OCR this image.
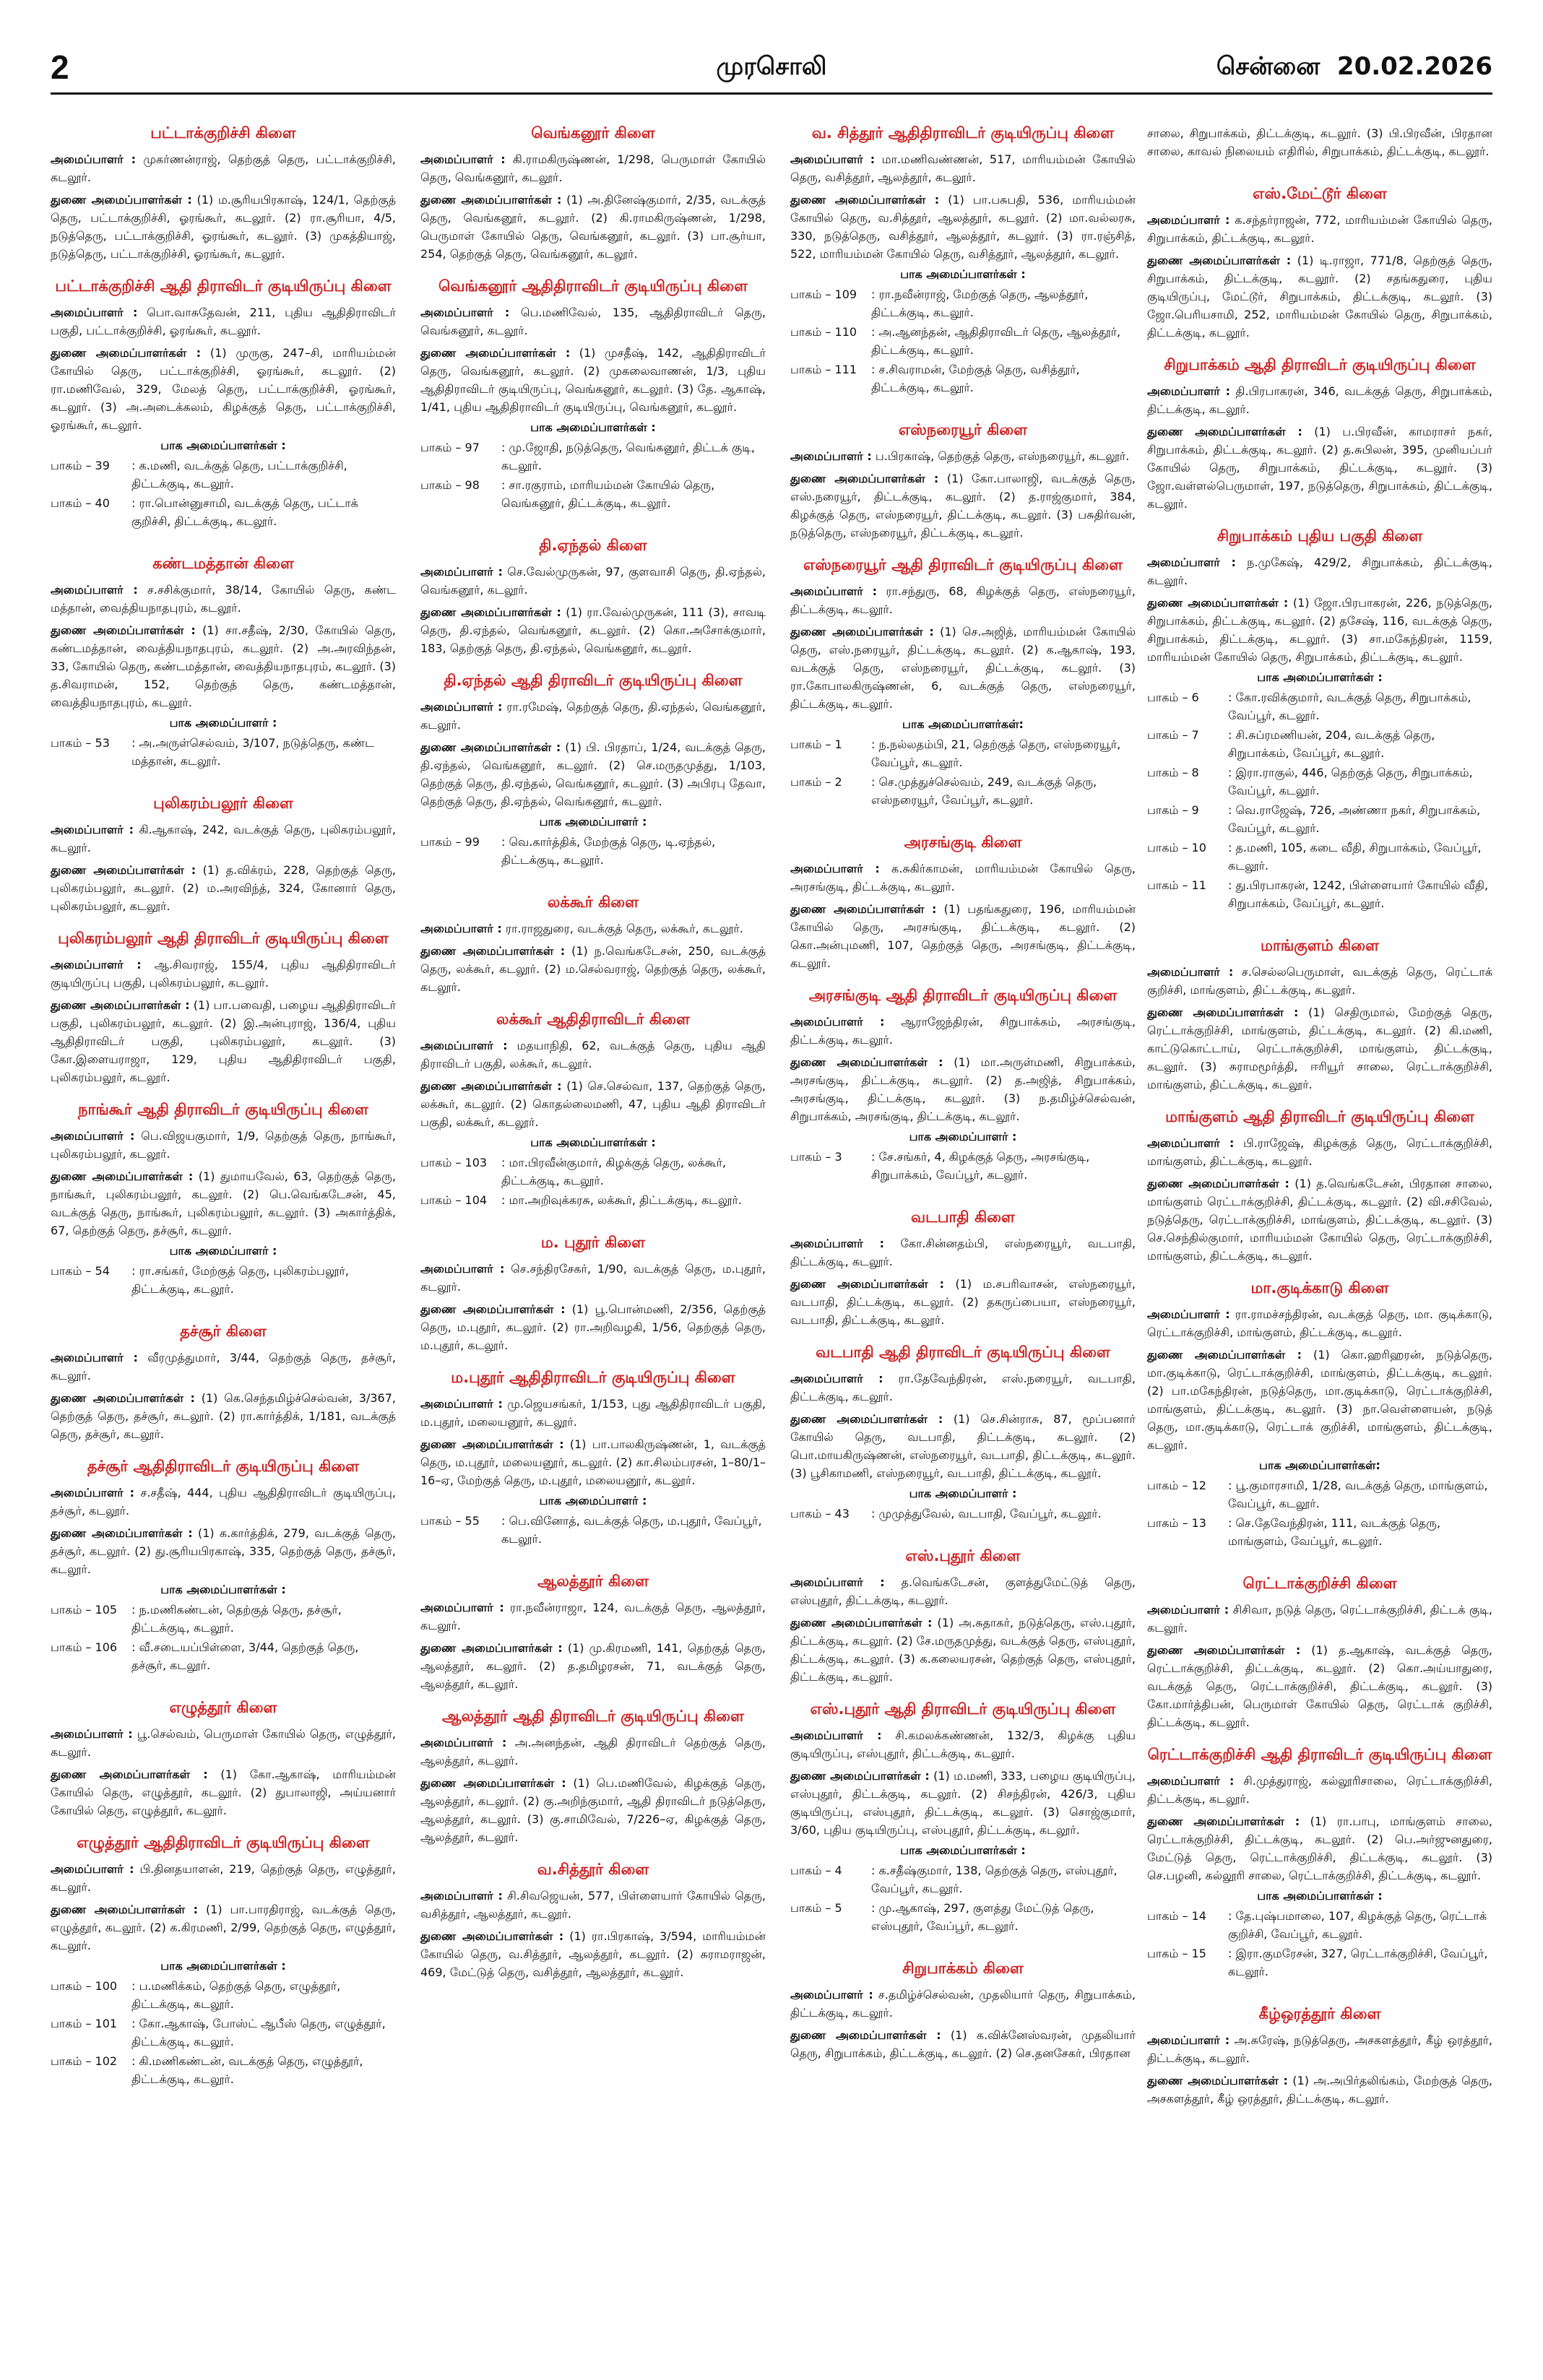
2	முரசொலி	சென்னை 20.02.2026
பட்டாக்குறிச்சி கிளை
அமைப்பாளர் : முகர்ணன்ராஜ், தெற்குத் தெரு, பட்டாக்குறிச்சி, கடலூர்.
துணை அமைப்பாளர்கள் : (1) ம.சூரியபிரகாஷ், 124/1, தெற்குத் தெரு, பட்டாக்குறிச்சி, ஓரங்கூர், கடலூர். (2) ரா.சூரியா, 4/5, நடுத்தெரு, பட்டாக்குறிச்சி, ஓரங்கூர், கடலூர். (3) முகத்தியாஜ், நடுத்தெரு, பட்டாக்குறிச்சி, ஓரங்கூர், கடலூர்.
பட்டாக்குறிச்சி ஆதி திராவிடர் குடியிருப்பு கிளை
அமைப்பாளர் : பொ.வாசுதேவன், 211, புதிய ஆதிதிராவிடர் பகுதி, பட்டாக்குறிச்சி, ஓரங்கூர், கடலூர்.
துணை அமைப்பாளர்கள் : (1) முருகு, 247–சி, மாரியம்மன் கோயில் தெரு, பட்டாக்குறிச்சி, ஓரங்கூர், கடலூர். (2) ரா.மணிவேல், 329, மேலத் தெரு, பட்டாக்குறிச்சி, ஓரங்கூர், கடலூர். (3) அ.அடைக்கலம், கிழக்குத் தெரு, பட்டாக்குறிச்சி, ஓரங்கூர், கடலூர்.
பாக அமைப்பாளர்கள் :
பாகம் – 39	: க.மணி, வடக்குத் தெரு, பட்டாக்குறிச்சி, திட்டக்குடி, கடலூர்.
பாகம் – 40	: ரா.பொன்னுசாமி, வடக்குத் தெரு, பட்டாக் குறிச்சி, திட்டக்குடி, கடலூர்.
கண்டமத்தான் கிளை
அமைப்பாளர் : ச.சசிக்குமார், 38/14, கோயில் தெரு, கண்ட மத்தான், வைத்தியநாதபுரம், கடலூர்.
துணை அமைப்பாளர்கள் : (1) சா.சதீஷ், 2/30, கோயில் தெரு, கண்டமத்தான், வைத்தியநாதபுரம், கடலூர். (2) அ.அரவிந்தன், 33, கோயில் தெரு, கண்டமத்தான், வைத்தியநாதபுரம், கடலூர். (3) த.சிவராமன், 152, தெற்குத் தெரு, கண்டமத்தான், வைத்தியநாதபுரம், கடலூர்.
பாக அமைப்பாளர் :
பாகம் – 53	: அ.அருள்செல்வம், 3/107, நடுத்தெரு, கண்ட மத்தான், கடலூர்.
புலிகரம்பலூர் கிளை
அமைப்பாளர் : கி.ஆகாஷ், 242, வடக்குத் தெரு, புலிகரம்பலூர், கடலூர்.
துணை அமைப்பாளர்கள் : (1) த.விக்ரம், 228, தெற்குத் தெரு, புலிகரம்பலூர், கடலூர். (2) ம.அரவிந்த், 324, கோனார் தெரு, புலிகரம்பலூர், கடலூர்.
புலிகரம்பலூர் ஆதி திராவிடர் குடியிருப்பு கிளை
அமைப்பாளர் : ஆ.சிவராஜ், 155/4, புதிய ஆதிதிராவிடர் குடியிருப்பு பகுதி, புலிகரம்பலூர், கடலூர்.
துணை அமைப்பாளர்கள் : (1) பா.பவைதி, பழைய ஆதிதிராவிடர் பகுதி, புலிகரம்பலூர், கடலூர். (2) இ.அன்புராஜ், 136/4, புதிய ஆதிதிராவிடர் பகுதி, புலிகரம்பலூர், கடலூர். (3) கோ.இளையராஜா, 129, புதிய ஆதிதிராவிடர் பகுதி, புலிகரம்பலூர், கடலூர்.
நாங்கூர் ஆதி திராவிடர் குடியிருப்பு கிளை
அமைப்பாளர் : பெ.விஜயகுமார், 1/9, தெற்குத் தெரு, நாங்கூர், புலிகரம்பலூர், கடலூர்.
துணை அமைப்பாளர்கள் : (1) துமாயவேல், 63, தெற்குத் தெரு, நாங்கூர், புலிகரம்பலூர், கடலூர். (2) பெ.வெங்கடேசன், 45, வடக்குத் தெரு, நாங்கூர், புலிகரம்பலூர், கடலூர். (3) அகார்த்திக், 67, தெற்குத் தெரு, தச்சூர், கடலூர்.
பாக அமைப்பாளர் :
பாகம் – 54	: ரா.சங்கர், மேற்குத் தெரு, புலிகரம்பலூர், திட்டக்குடி, கடலூர்.
தச்சூர் கிளை
அமைப்பாளர் : வீரமுத்துமார், 3/44, தெற்குத் தெரு, தச்சூர், கடலூர்.
துணை அமைப்பாளர்கள் : (1) கெ.செந்தமிழ்ச்செல்வன், 3/367, தெற்குத் தெரு, தச்சூர், கடலூர். (2) ரா.கார்த்திக், 1/181, வடக்குத் தெரு, தச்சூர், கடலூர்.
தச்சூர் ஆதிதிராவிடர் குடியிருப்பு கிளை
அமைப்பாளர் : ச.சதீஷ், 444, புதிய ஆதிதிராவிடர் குடியிருப்பு, தச்சூர், கடலூர்.
துணை அமைப்பாளர்கள் : (1) க.கார்த்திக், 279, வடக்குத் தெரு, தச்சூர், கடலூர். (2) து.சூரியபிரகாஷ், 335, தெற்குத் தெரு, தச்சூர், கடலூர்.
பாக அமைப்பாளர்கள் :
பாகம் – 105	: ந.மணிகண்டன், தெற்குத் தெரு, தச்சூர், திட்டக்குடி, கடலூர்.
பாகம் – 106	: வீ.சடையப்பிள்ளை, 3/44, தெற்குத் தெரு, தச்சூர், கடலூர்.
எழுத்தூர் கிளை
அமைப்பாளர் : பூ.செல்வம், பெருமாள் கோயில் தெரு, எழுத்தூர், கடலூர்.
துணை அமைப்பாளர்கள் : (1) கோ.ஆகாஷ், மாரியம்மன் கோயில் தெரு, எழுத்தூர், கடலூர். (2) துபாலாஜி, அய்யனார் கோயில் தெரு, எழுத்தூர், கடலூர்.
எழுத்தூர் ஆதிதிராவிடர் குடியிருப்பு கிளை
அமைப்பாளர் : பி.தினதயாளன், 219, தெற்குத் தெரு, எழுத்தூர், கடலூர்.
துணை அமைப்பாளர்கள் : (1) பா.பாரதிராஜ், வடக்குத் தெரு, எழுத்தூர், கடலூர். (2) க.கிரமணி, 2/99, தெற்குத் தெரு, எழுத்தூர், கடலூர்.
பாக அமைப்பாளர்கள் :
பாகம் – 100	: ப.மணிக்கம், தெற்குத் தெரு, எழுத்தூர், திட்டக்குடி, கடலூர்.
பாகம் – 101	: கோ.ஆகாஷ், போஸ்ட் ஆபீஸ் தெரு, எழுத்தூர், திட்டக்குடி, கடலூர்.
பாகம் – 102	: கி.மணிகண்டன், வடக்குத் தெரு, எழுத்தூர், திட்டக்குடி, கடலூர்.
வெங்கனூர் கிளை
அமைப்பாளர் : கி.ராமகிருஷ்ணன், 1/298, பெருமாள் கோயில் தெரு, வெங்கனூர், கடலூர்.
துணை அமைப்பாளர்கள் : (1) அ.தினேஷ்குமார், 2/35, வடக்குத் தெரு, வெங்கனூர், கடலூர். (2) கி.ராமகிருஷ்ணன், 1/298, பெருமாள் கோயில் தெரு, வெங்கனூர், கடலூர். (3) பா.சூர்யா, 254, தெற்குத் தெரு, வெங்கனூர், கடலூர்.
வெங்கனூர் ஆதிதிராவிடர் குடியிருப்பு கிளை
அமைப்பாளர் : பெ.மணிவேல், 135, ஆதிதிராவிடர் தெரு, வெங்கனூர், கடலூர்.
துணை அமைப்பாளர்கள் : (1) முசதீஷ், 142, ஆதிதிராவிடர் தெரு, வெங்கனூர், கடலூர். (2) முகலைவாணன், 1/3, புதிய ஆதிதிராவிடர் குடியிருப்பு, வெங்கனூர், கடலூர். (3) தே. ஆகாஷ், 1/41, புதிய ஆதிதிராவிடர் குடியிருப்பு, வெங்கனூர், கடலூர்.
பாக அமைப்பாளர்கள் :
பாகம் – 97	: மு.ஜோதி, நடுத்தெரு, வெங்கனூர், திட்டக் குடி, கடலூர்.
பாகம் – 98	: சா.ரகுராம், மாரியம்மன் கோயில் தெரு, வெங்கனூர், திட்டக்குடி, கடலூர்.
தி.ஏந்தல் கிளை
அமைப்பாளர் : செ.வேல்முருகன், 97, குளவாசி தெரு, தி.ஏந்தல், வெங்கனூர், கடலூர்.
துணை அமைப்பாளர்கள் : (1) ரா.வேல்முருகன், 111 (3), சாவடி தெரு, தி.ஏந்தல், வெங்கனூர், கடலூர். (2) கொ.அசோக்குமார், 183, தெற்குத் தெரு, தி.ஏந்தல், வெங்கனூர், கடலூர்.
தி.ஏந்தல் ஆதி திராவிடர் குடியிருப்பு கிளை
அமைப்பாளர் : ரா.ரமேஷ், தெற்குத் தெரு, தி.ஏந்தல், வெங்கனூர், கடலூர்.
துணை அமைப்பாளர்கள் : (1) பி. பிரதாப், 1/24, வடக்குத் தெரு, தி.ஏந்தல், வெங்கனூர், கடலூர். (2) செ.மருதமுத்து, 1/103, தெற்குத் தெரு, தி.ஏந்தல், வெங்கனூர், கடலூர். (3) அபிரபு தேவா, தெற்குத் தெரு, தி.ஏந்தல், வெங்கனூர், கடலூர்.
பாக அமைப்பாளர் :
பாகம் – 99	: வெ.கார்த்திக், மேற்குத் தெரு, டி.ஏந்தல், திட்டக்குடி, கடலூர்.
லக்கூர் கிளை
அமைப்பாளர் : ரா.ராஜதுரை, வடக்குத் தெரு, லக்கூர், கடலூர்.
துணை அமைப்பாளர்கள் : (1) ந.வெங்கடேசன், 250, வடக்குத் தெரு, லக்கூர், கடலூர். (2) ம.செல்வராஜ், தெற்குத் தெரு, லக்கூர், கடலூர்.
லக்கூர் ஆதிதிராவிடர் கிளை
அமைப்பாளர் : மதயாநிதி, 62, வடக்குத் தெரு, புதிய ஆதி திராவிடர் பகுதி, லக்கூர், கடலூர்.
துணை அமைப்பாளர்கள் : (1) செ.செல்வா, 137, தெற்குத் தெரு, லக்கூர், கடலூர். (2) கொதல்லைமணி, 47, புதிய ஆதி திராவிடர் பகுதி, லக்கூர், கடலூர்.
பாக அமைப்பாளர்கள் :
பாகம் – 103	: மா.பிரவீன்குமார், கிழக்குத் தெரு, லக்கூர், திட்டக்குடி, கடலூர்.
பாகம் – 104	: மா.அறிவுக்கரசு, லக்கூர், திட்டக்குடி, கடலூர்.
ம. புதூர் கிளை
அமைப்பாளர் : செ.சந்திரசேகர், 1/90, வடக்குத் தெரு, ம.புதூர், கடலூர்.
துணை அமைப்பாளர்கள் : (1) பூ.பொன்மணி, 2/356, தெற்குத் தெரு, ம.புதூர், கடலூர். (2) ரா.அறிவழகி, 1/56, தெற்குத் தெரு, ம.புதூர், கடலூர்.
ம.புதூர் ஆதிதிராவிடர் குடியிருப்பு கிளை
அமைப்பாளர் : மு.ஜெயசங்கர், 1/153, புது ஆதிதிராவிடர் பகுதி, ம.புதூர், மலையனூர், கடலூர்.
துணை அமைப்பாளர்கள் : (1) பா.பாலகிருஷ்ணன், 1, வடக்குத் தெரு, ம.புதூர், மலையனூர், கடலூர். (2) கா.சிலம்பரசன், 1–80/1–16–ஏ, மேற்குத் தெரு, ம.புதூர், மலையனூர், கடலூர்.
பாக அமைப்பாளர் :
பாகம் – 55	: பெ.வினோத், வடக்குத் தெரு, ம.புதூர், வேப்பூர், கடலூர்.
ஆலத்தூர் கிளை
அமைப்பாளர் : ரா.நவீன்ராஜா, 124, வடக்குத் தெரு, ஆலத்தூர், கடலூர்.
துணை அமைப்பாளர்கள் : (1) மு.கிரமணி, 141, தெற்குத் தெரு, ஆலத்தூர், கடலூர். (2) த.தமிழரசன், 71, வடக்குத் தெரு, ஆலத்தூர், கடலூர்.
ஆலத்தூர் ஆதி திராவிடர் குடியிருப்பு கிளை
அமைப்பாளர் : அ.அனந்தன், ஆதி திராவிடர் தெற்குத் தெரு, ஆலத்தூர், கடலூர்.
துணை அமைப்பாளர்கள் : (1) பெ.மணிவேல், கிழக்குத் தெரு, ஆலத்தூர், கடலூர். (2) கு.அறிந்குமார், ஆதி திராவிடர் நடுத்தெரு, ஆலத்தூர், கடலூர். (3) கு.சாமிவேல், 7/226–ஏ, கிழக்குத் தெரு, ஆலத்தூர், கடலூர்.
வ.சித்தூர் கிளை
அமைப்பாளர் : சி.சிவஜெயன், 577, பிள்ளையார் கோயில் தெரு, வசித்தூர், ஆலத்தூர், கடலூர்.
துணை அமைப்பாளர்கள் : (1) ரா.பிரகாஷ், 3/594, மாரியம்மன் கோயில் தெரு, வ.சித்தூர், ஆலத்தூர், கடலூர். (2) சுராமராஜன், 469, மேட்டுத் தெரு, வசித்தூர், ஆலத்தூர், கடலூர்.
வ. சித்தூர் ஆதிதிராவிடர் குடியிருப்பு கிளை
அமைப்பாளர் : மா.மணிவண்ணன், 517, மாரியம்மன் கோயில் தெரு, வசித்தூர், ஆலத்தூர், கடலூர்.
துணை அமைப்பாளர்கள் : (1) பா.பசுபதி, 536, மாரியம்மன் கோயில் தெரு, வ.சித்தூர், ஆலத்தூர், கடலூர். (2) மா.வல்லரசு, 330, நடுத்தெரு, வசித்தூர், ஆலத்தூர், கடலூர். (3) ரா.ரஞ்சித், 522, மாரியம்மன் கோயில் தெரு, வசித்தூர், ஆலத்தூர், கடலூர்.
பாக அமைப்பாளர்கள் :
பாகம் – 109	: ரா.நவீன்ராஜ், மேற்குத் தெரு, ஆலத்தூர், திட்டக்குடி, கடலூர்.
பாகம் – 110	: அ.ஆனந்தன், ஆதிதிராவிடர் தெரு, ஆலத்தூர், திட்டக்குடி, கடலூர்.
பாகம் – 111	: ச.சிவராமன், மேற்குத் தெரு, வசித்தூர், திட்டக்குடி, கடலூர்.
எஸ்நரையூர் கிளை
அமைப்பாளர் : ப.பிரகாஷ், தெற்குத் தெரு, எஸ்நரையூர், கடலூர்.
துணை அமைப்பாளர்கள் : (1) கோ.பாலாஜி, வடக்குத் தெரு, எஸ்.நரையூர், திட்டக்குடி, கடலூர். (2) த.ராஜ்குமார், 384, கிழக்குத் தெரு, எஸ்நரையூர், திட்டக்குடி, கடலூர். (3) பசுதிர்வன், நடுத்தெரு, எஸ்நரையூர், திட்டக்குடி, கடலூர்.
எஸ்நரையூர் ஆதி திராவிடர் குடியிருப்பு கிளை
அமைப்பாளர் : ரா.சந்துரு, 68, கிழக்குத் தெரு, எஸ்நரையூர், திட்டக்குடி, கடலூர்.
துணை அமைப்பாளர்கள் : (1) செ.அஜித், மாரியம்மன் கோயில் தெரு, எஸ்.நரையூர், திட்டக்குடி, கடலூர். (2) க.ஆகாஷ், 193, வடக்குத் தெரு, எஸ்நரையூர், திட்டக்குடி, கடலூர். (3) ரா.கோபாலகிருஷ்ணன், 6, வடக்குத் தெரு, எஸ்நரையூர், திட்டக்குடி, கடலூர்.
பாக அமைப்பாளர்கள்:
பாகம் – 1	: ந.நல்லதம்பி, 21, தெற்குத் தெரு, எஸ்நரையூர், வேப்பூர், கடலூர்.
பாகம் – 2	: செ.முத்துச்செல்வம், 249, வடக்குத் தெரு, எஸ்நரையூர், வேப்பூர், கடலூர்.
அரசங்குடி கிளை
அமைப்பாளர் : க.சுகிர்காமன், மாரியம்மன் கோயில் தெரு, அரசங்குடி, திட்டக்குடி, கடலூர்.
துணை அமைப்பாளர்கள் : (1) பதங்கதுரை, 196, மாரியம்மன் கோயில் தெரு, அரசங்குடி, திட்டக்குடி, கடலூர். (2) கொ.அன்புமணி, 107, தெற்குத் தெரு, அரசங்குடி, திட்டக்குடி, கடலூர்.
அரசங்குடி ஆதி திராவிடர் குடியிருப்பு கிளை
அமைப்பாளர் : ஆராஜேந்திரன், சிறுபாக்கம், அரசங்குடி, திட்டக்குடி, கடலூர்.
துணை அமைப்பாளர்கள் : (1) மா.அருள்மணி, சிறுபாக்கம், அரசங்குடி, திட்டக்குடி, கடலூர். (2) த.அஜித், சிறுபாக்கம், அரசங்குடி, திட்டக்குடி, கடலூர். (3) ந.தமிழ்ச்செல்வன், சிறுபாக்கம், அரசங்குடி, திட்டக்குடி, கடலூர்.
பாக அமைப்பாளர் :
பாகம் – 3	: சே.சங்கர், 4, கிழக்குத் தெரு, அரசங்குடி, சிறுபாக்கம், வேப்பூர், கடலூர்.
வடபாதி கிளை
அமைப்பாளர் : கோ.சின்னதம்பி, எஸ்நரையூர், வடபாதி, திட்டக்குடி, கடலூர்.
துணை அமைப்பாளர்கள் : (1) ம.சபரிவாசன், எஸ்நரையூர், வடபாதி, திட்டக்குடி, கடலூர். (2) தகருப்பையா, எஸ்நரையூர், வடபாதி, திட்டக்குடி, கடலூர்.
வடபாதி ஆதி திராவிடர் குடியிருப்பு கிளை
அமைப்பாளர் : ரா.தேவேந்திரன், எஸ்.நரையூர், வடபாதி, திட்டக்குடி, கடலூர்.
துணை அமைப்பாளர்கள் : (1) செ.சின்ராசு, 87, மூப்பனார் கோயில் தெரு, வடபாதி, திட்டக்குடி, கடலூர். (2) பொ.மாயகிருஷ்ணன், எஸ்நரையூர், வடபாதி, திட்டக்குடி, கடலூர். (3) பூசிகாமணி, எஸ்நரையூர், வடபாதி, திட்டக்குடி, கடலூர்.
பாக அமைப்பாளர் :
பாகம் – 43	: முமுத்துவேல், வடபாதி, வேப்பூர், கடலூர்.
எஸ்.புதூர் கிளை
அமைப்பாளர் : த.வெங்கடேசன், குளத்துமேட்டுத் தெரு, எஸ்புதூர், திட்டக்குடி, கடலூர்.
துணை அமைப்பாளர்கள் : (1) அ.சுதாகர், நடுத்தெரு, எஸ்.புதூர், திட்டக்குடி, கடலூர். (2) சே.மருதமுத்து, வடக்குத் தெரு, எஸ்புதூர், திட்டக்குடி, கடலூர். (3) க.கலையரசன், தெற்குத் தெரு, எஸ்புதூர், திட்டக்குடி, கடலூர்.
எஸ்.புதூர் ஆதி திராவிடர் குடியிருப்பு கிளை
அமைப்பாளர் : சி.கமலக்கண்ணன், 132/3, கிழக்கு புதிய குடியிருப்பு, எஸ்புதூர், திட்டக்குடி, கடலூர்.
துணை அமைப்பாளர்கள் : (1) ம.மணி, 333, பழைய குடியிருப்பு, எஸ்புதூர், திட்டக்குடி, கடலூர். (2) சிசந்திரன், 426/3, புதிய குடியிருப்பு, எஸ்புதூர், திட்டக்குடி, கடலூர். (3) சொஜ்குமார், 3/60, புதிய குடியிருப்பு, எஸ்புதூர், திட்டக்குடி, கடலூர்.
பாக அமைப்பாளர்கள் :
பாகம் – 4	: க.சதீஷ்குமார், 138, தெற்குத் தெரு, எஸ்புதூர், வேப்பூர், கடலூர்.
பாகம் – 5	: மு.ஆகாஷ், 297, குளத்து மேட்டுத் தெரு, எஸ்புதூர், வேப்பூர், கடலூர்.
சிறுபாக்கம் கிளை
அமைப்பாளர் : ச.தமிழ்ச்செல்வன், முதலியார் தெரு, சிறுபாக்கம், திட்டக்குடி, கடலூர்.
துணை அமைப்பாளர்கள் : (1) க.விக்னேஸ்வரன், முதலியார் தெரு, சிறுபாக்கம், திட்டக்குடி, கடலூர். (2) செ.தனசேகர், பிரதான
சாலை, சிறுபாக்கம், திட்டக்குடி, கடலூர். (3) பி.பிரவீன், பிரதான சாலை, காவல் நிலையம் எதிரில், சிறுபாக்கம், திட்டக்குடி, கடலூர்.
எஸ்.மேட்டூர் கிளை
அமைப்பாளர் : க.சந்தர்ராஜன், 772, மாரியம்மன் கோயில் தெரு, சிறுபாக்கம், திட்டக்குடி, கடலூர்.
துணை அமைப்பாளர்கள் : (1) டி.ராஜா, 771/8, தெற்குத் தெரு, சிறுபாக்கம், திட்டக்குடி, கடலூர். (2) சதங்கதுரை, புதிய குடியிருப்பு, மேட்டூர், சிறுபாக்கம், திட்டக்குடி, கடலூர். (3) ஜோ.பெரியசாமி, 252, மாரியம்மன் கோயில் தெரு, சிறுபாக்கம், திட்டக்குடி, கடலூர்.
சிறுபாக்கம் ஆதி திராவிடர் குடியிருப்பு கிளை
அமைப்பாளர் : தி.பிரபாகரன், 346, வடக்குத் தெரு, சிறுபாக்கம், திட்டக்குடி, கடலூர்.
துணை அமைப்பாளர்கள் : (1) ப.பிரவீன், காமராசர் நகர், சிறுபாக்கம், திட்டக்குடி, கடலூர். (2) த.சுபிலன், 395, முனியப்பர் கோயில் தெரு, சிறுபாக்கம், திட்டக்குடி, கடலூர். (3) ஜோ.வள்ளல்பெருமாள், 197, நடுத்தெரு, சிறுபாக்கம், திட்டக்குடி, கடலூர்.
சிறுபாக்கம் புதிய பகுதி கிளை
அமைப்பாளர் : ந.முகேஷ், 429/2, சிறுபாக்கம், திட்டக்குடி, கடலூர்.
துணை அமைப்பாளர்கள் : (1) ஜோ.பிரபாகரன், 226, நடுத்தெரு, சிறுபாக்கம், திட்டக்குடி, கடலூர். (2) தசேஷ், 116, வடக்குத் தெரு, சிறுபாக்கம், திட்டக்குடி, கடலூர். (3) சா.மகேந்திரன், 1159, மாரியம்மன் கோயில் தெரு, சிறுபாக்கம், திட்டக்குடி, கடலூர்.
பாக அமைப்பாளர்கள் :
பாகம் – 6	: கோ.ரவிக்குமார், வடக்குத் தெரு, சிறுபாக்கம், வேப்பூர், கடலூர்.
பாகம் – 7	: சி.சுப்ரமணியன், 204, வடக்குத் தெரு, சிறுபாக்கம், வேப்பூர், கடலூர்.
பாகம் – 8	: இரா.ராகுல், 446, தெற்குத் தெரு, சிறுபாக்கம், வேப்பூர், கடலூர்.
பாகம் – 9	: வெ.ராஜேஷ், 726, அண்ணா நகர், சிறுபாக்கம், வேப்பூர், கடலூர்.
பாகம் – 10	: த.மணி, 105, கடை வீதி, சிறுபாக்கம், வேப்பூர், கடலூர்.
பாகம் – 11	: து.பிரபாகரன், 1242, பிள்ளையார் கோயில் வீதி, சிறுபாக்கம், வேப்பூர், கடலூர்.
மாங்குளம் கிளை
அமைப்பாளர் : ச.செல்லபெருமாள், வடக்குத் தெரு, ரெட்டாக் குறிச்சி, மாங்குளம், திட்டக்குடி, கடலூர்.
துணை அமைப்பாளர்கள் : (1) செதிருமால், மேற்குத் தெரு, ரெட்டாக்குறிச்சி, மாங்குளம், திட்டக்குடி, கடலூர். (2) கி.மணி, காட்டுகொட்டாய், ரெட்டாக்குறிச்சி, மாங்குளம், திட்டக்குடி, கடலூர். (3) சுராமமூர்த்தி, ஈரியூர் சாலை, ரெட்டாக்குறிச்சி, மாங்குளம், திட்டக்குடி, கடலூர்.
மாங்குளம் ஆதி திராவிடர் குடியிருப்பு கிளை
அமைப்பாளர் : பி.ராஜேஷ், கிழக்குத் தெரு, ரெட்டாக்குறிச்சி, மாங்குளம், திட்டக்குடி, கடலூர்.
துணை அமைப்பாளர்கள் : (1) த.வெங்கடேசன், பிரதான சாலை, மாங்குளம் ரெட்டாக்குறிச்சி, திட்டக்குடி, கடலூர். (2) வி.சசிவேல், நடுத்தெரு, ரெட்டாக்குறிச்சி, மாங்குளம், திட்டக்குடி, கடலூர். (3) செ.செந்தில்குமார், மாரியம்மன் கோயில் தெரு, ரெட்டாக்குறிச்சி, மாங்குளம், திட்டக்குடி, கடலூர்.
மா.குடிக்காடு கிளை
அமைப்பாளர் : ரா.ராமச்சந்திரன், வடக்குத் தெரு, மா. குடிக்காடு, ரெட்டாக்குறிச்சி, மாங்குளம், திட்டக்குடி, கடலூர்.
துணை அமைப்பாளர்கள் : (1) கொ.ஹரிஹரன், நடுத்தெரு, மா.குடிக்காடு, ரெட்டாக்குறிச்சி, மாங்குளம், திட்டக்குடி, கடலூர். (2) பா.மகேந்திரன், நடுத்தெரு, மா.குடிக்காடு, ரெட்டாக்குறிச்சி, மாங்குளம், திட்டக்குடி, கடலூர். (3) நா.வெள்ளையன், நடுத் தெரு, மா.குடிக்காடு, ரெட்டாக் குறிச்சி, மாங்குளம், திட்டக்குடி, கடலூர்.
பாக அமைப்பாளர்கள்:
பாகம் – 12	: பூ.குமாரசாமி, 1/28, வடக்குத் தெரு, மாங்குளம், வேப்பூர், கடலூர்.
பாகம் – 13	: செ.தேவேந்திரன், 111, வடக்குத் தெரு, மாங்குளம், வேப்பூர், கடலூர்.
ரெட்டாக்குறிச்சி கிளை
அமைப்பாளர் : சிசிவா, நடுத் தெரு, ரெட்டாக்குறிச்சி, திட்டக் குடி, கடலூர்.
துணை அமைப்பாளர்கள் : (1) த.ஆகாஷ், வடக்குத் தெரு, ரெட்டாக்குறிச்சி, திட்டக்குடி, கடலூர். (2) கொ.அய்யாதுரை, வடக்குத் தெரு, ரெட்டாக்குறிச்சி, திட்டக்குடி, கடலூர். (3) கோ.மார்த்திபன், பெருமாள் கோயில் தெரு, ரெட்டாக் குறிச்சி, திட்டக்குடி, கடலூர்.
ரெட்டாக்குறிச்சி ஆதி திராவிடர் குடியிருப்பு கிளை
அமைப்பாளர் : சி.முத்துராஜ், கல்லூரிசாலை, ரெட்டாக்குறிச்சி, திட்டக்குடி, கடலூர்.
துணை அமைப்பாளர்கள் : (1) ரா.பாபு, மாங்குளம் சாலை, ரெட்டாக்குறிச்சி, திட்டக்குடி, கடலூர். (2) பெ.அர்ஜுனதுரை, மேட்டுத் தெரு, ரெட்டாக்குறிச்சி, திட்டக்குடி, கடலூர். (3) செ.பழனி, கல்லூரி சாலை, ரெட்டாக்குறிச்சி, திட்டக்குடி, கடலூர்.
பாக அமைப்பாளர்கள் :
பாகம் – 14	: தே.புஷ்பமாலை, 107, கிழக்குத் தெரு, ரெட்டாக் குறிச்சி, வேப்பூர், கடலூர்.
பாகம் – 15	: இரா.குமரேசன், 327, ரெட்டாக்குறிச்சி, வேப்பூர், கடலூர்.
கீழ்ஒரத்தூர் கிளை
அமைப்பாளர் : அ.சுரேஷ், நடுத்தெரு, அசகளத்தூர், கீழ் ஒரத்தூர், திட்டக்குடி, கடலூர்.
துணை அமைப்பாளர்கள் : (1) அ.அபிர்தலிங்கம், மேற்குத் தெரு, அசகளத்தூர், கீழ் ஒரத்தூர், திட்டக்குடி, கடலூர்.
